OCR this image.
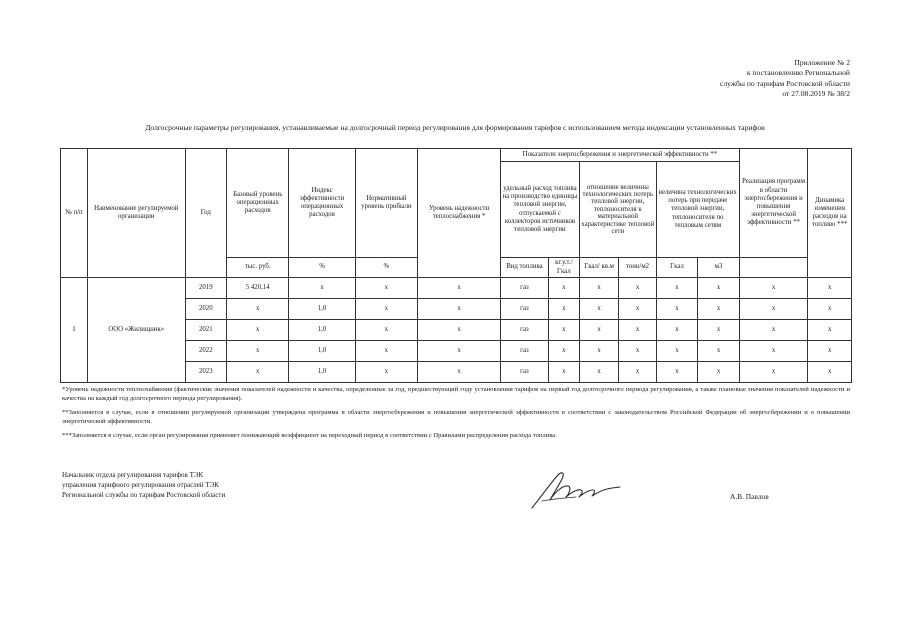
Приложение № 2
к постановлению Региональной
службы по тарифам Ростовской области
от 27.08.2019 № 38/2
Долгосрочные параметры регулирования, устанавливаемые на долгосрочный период регулирования для формирования тарифов с использованием метода индексации установленных тарифов
№ п/п	Наименование регулируемой организации	Год	Базовый уровень операционных расходов	Индекс эффективности операционных расходов	Нормативный уровень прибыли	Уровень надежности теплоснабжения *	Показатели энергосбережения и энергетической эффективности **						Реализация программ в области энергосбережения и повышения энергетической эффективности **	Динамика изменения расходов на топливо ***
							удельный расход топлива на производство единицы тепловой энергии, отпускаемой с коллекторов источников тепловой энергии		отношение величины технологических потерь тепловой энергии, теплоносителя к материальной характеристике тепловой сети		величина технологических потерь при передаче тепловой энергии, теплоносителя по тепловым сетям			
			тыс. руб.	%	%		Вид топлива	кг.у.т./ Гкал	Гкал/ кв.м	тонн/м2	Гкал	м3		
1	ООО «Жилищник»	2019	5 420,14	х	х	х	газ	х	х	х	х	х	х	х
		2020	х	1,0	х	х	газ	х	х	х	х	х	х	х
		2021	х	1,0	х	х	газ	х	х	х	х	х	х	х
		2022	х	1,0	х	х	газ	х	х	х	х	х	х	х
		2023	х	1,0	х	х	газ	х	х	х	х	х	х	х

*Уровень надежности теплоснабжения (фактические значения показателей надежности и качества, определенные за год, предшествующий году установления тарифов на первый год долгосрочного периода регулирования, а также плановые значения показателей надежности и качества на каждый год долгосрочного периода регулирования).

**Заполняется в случае, если в отношении регулируемой организации утверждена программа в области энергосбережения и повышения энергетической эффективности в соответствии с законодательством Российской Федерации об энергосбережении и о повышении энергетической эффективности.

***Заполняется в случае, если орган регулирования применяет понижающий коэффициент на переходный период в соответствии с Правилами распределения расхода топлива.

Начальник отдела регулирования тарифов ТЭК
управления тарифного регулирования отраслей ТЭК
Региональной службы по тарифам Ростовской области	А.В. Павлов
